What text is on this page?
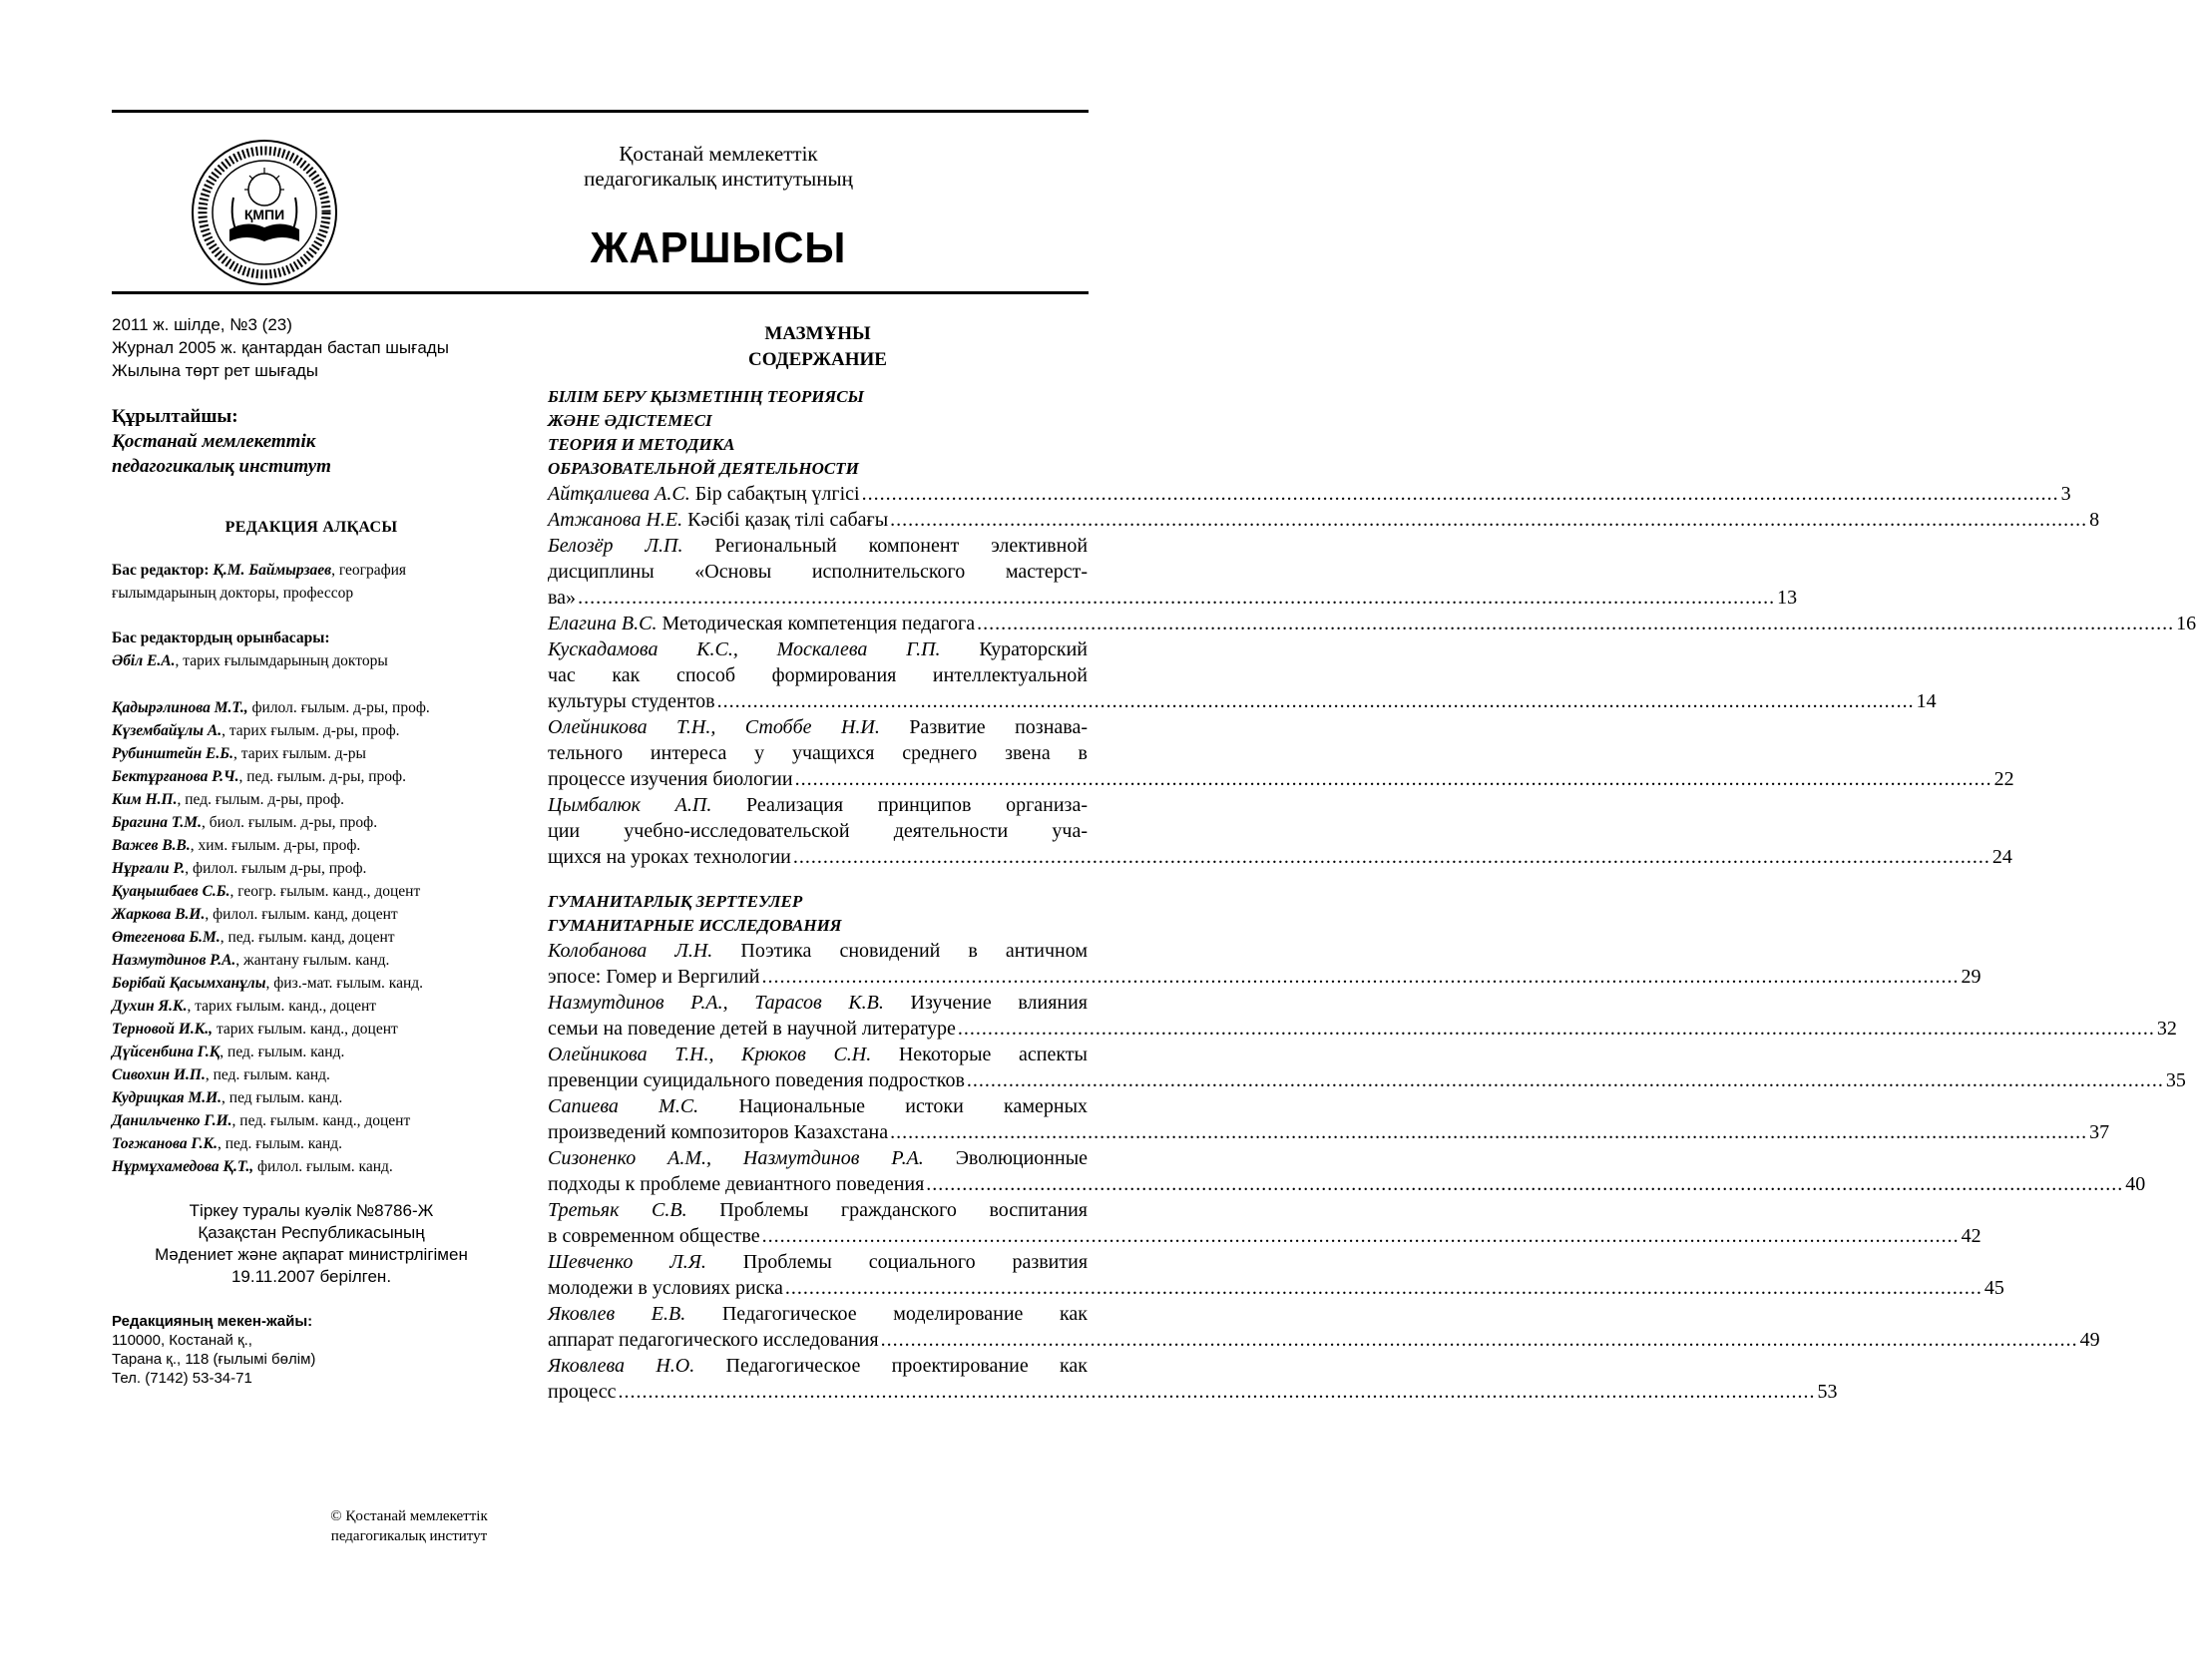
ҚМПИ
Қостанай мемлекеттік
педагогикалық институтының
ЖАРШЫСЫ
2011 ж. шілде, №3 (23)
Журнал 2005 ж. қантардан бастап шығады
Жылына төрт рет шығады
Құрылтайшы:
Қостанай мемлекеттік
педагогикалық институт
РЕДАКЦИЯ АЛҚАСЫ
Бас редактор: Қ.М. Баймырзаев, география ғылымдарының докторы, профессор
Бас редактордың орынбасары:
Әбіл Е.А., тарих ғылымдарының докторы
Қадырәлинова М.Т., филол. ғылым. д-ры, проф.
Күзембайұлы А., тарих ғылым. д-ры, проф.
Рубинштейн Е.Б., тарих ғылым. д-ры
Бектұрғанова Р.Ч., пед. ғылым. д-ры, проф.
Ким Н.П., пед. ғылым. д-ры, проф.
Брагина Т.М., биол. ғылым. д-ры, проф.
Важев В.В., хим. ғылым. д-ры, проф.
Нұрғали Р., филол. ғылым д-ры, проф.
Қуаңышбаев С.Б., геогр. ғылым. канд., доцент
Жаркова В.И., филол. ғылым. канд, доцент
Өтегенова Б.М., пед. ғылым. канд, доцент
Назмутдинов Р.А., жантану ғылым. канд.
Бөрібай Қасымханұлы, физ.-мат. ғылым. канд.
Духин Я.К., тарих ғылым. канд., доцент
Терновой И.К., тарих ғылым. канд., доцент
Дүйсенбина Г.Қ, пед. ғылым. канд.
Сивохин И.П., пед. ғылым. канд.
Кудрицкая М.И., пед ғылым. канд.
Данильченко Г.И., пед. ғылым. канд., доцент
Тоғжанова Г.К., пед. ғылым. канд.
Нұрмұхамедова Қ.Т., филол. ғылым. канд.
Тіркеу туралы куәлік №8786-Ж
Қазақстан Республикасының
Мәдениет және ақпарат министрлігімен
19.11.2007 берілген.
Редакцияның мекен-жайы:
110000, Костанай қ.,
Тарана қ., 118 (ғылымі бөлім)
Тел. (7142) 53-34-71
© Қостанай мемлекеттік
педагогикалық институт
МАЗМҰНЫ
СОДЕРЖАНИЕ
БІЛІМ БЕРУ ҚЫЗМЕТІНІҢ ТЕОРИЯСЫ
ЖӘНЕ ӘДІСТЕМЕСІ
ТЕОРИЯ И МЕТОДИКА
ОБРАЗОВАТЕЛЬНОЙ ДЕЯТЕЛЬНОСТИ
Айтқалиева А.С. Бір сабақтың үлгісі ........................................................................................................................................................................................................ 3
Атжанова Н.Е. Кәсібі қазақ тілі сабағы ........................................................................................................................................................................................................ 8
Белозёр Л.П. Региональный компонент элективной
дисциплины «Основы исполнительского мастерст-
ва» ........................................................................................................................................................................................................ 13
Елагина В.С. Методическая компетенция педагога ........................................................................................................................................................................................................ 16
Кускадамова К.С., Москалева Г.П. Кураторский
час как способ формирования интеллектуальной
культуры студентов ........................................................................................................................................................................................................ 14
Олейникова Т.Н., Стоббе Н.И. Развитие познава-
тельного интереса у учащихся среднего звена в
процессе изучения биологии ........................................................................................................................................................................................................ 22
Цымбалюк А.П. Реализация принципов организа-
ции учебно-исследовательской деятельности уча-
щихся на уроках технологии ........................................................................................................................................................................................................ 24
ГУМАНИТАРЛЫҚ ЗЕРТТЕУЛЕР
ГУМАНИТАРНЫЕ ИССЛЕДОВАНИЯ
Колобанова Л.Н. Поэтика сновидений в античном
эпосе: Гомер и Вергилий ........................................................................................................................................................................................................ 29
Назмутдинов Р.А., Тарасов К.В. Изучение влияния
семьи на поведение детей в научной литературе ........................................................................................................................................................................................................ 32
Олейникова Т.Н., Крюков С.Н. Некоторые аспекты
превенции суицидального поведения подростков ........................................................................................................................................................................................................ 35
Сапиева М.С. Национальные истоки камерных
произведений композиторов Казахстана ........................................................................................................................................................................................................ 37
Сизоненко А.М., Назмутдинов Р.А. Эволюционные
подходы к проблеме девиантного поведения ........................................................................................................................................................................................................ 40
Третьяк С.В. Проблемы гражданского воспитания
в современном обществе ........................................................................................................................................................................................................ 42
Шевченко Л.Я. Проблемы социального развития
молодежи в условиях риска ........................................................................................................................................................................................................ 45
Яковлев Е.В. Педагогическое моделирование как
аппарат педагогического исследования ........................................................................................................................................................................................................ 49
Яковлева Н.О. Педагогическое проектирование как
процесс ........................................................................................................................................................................................................ 53
